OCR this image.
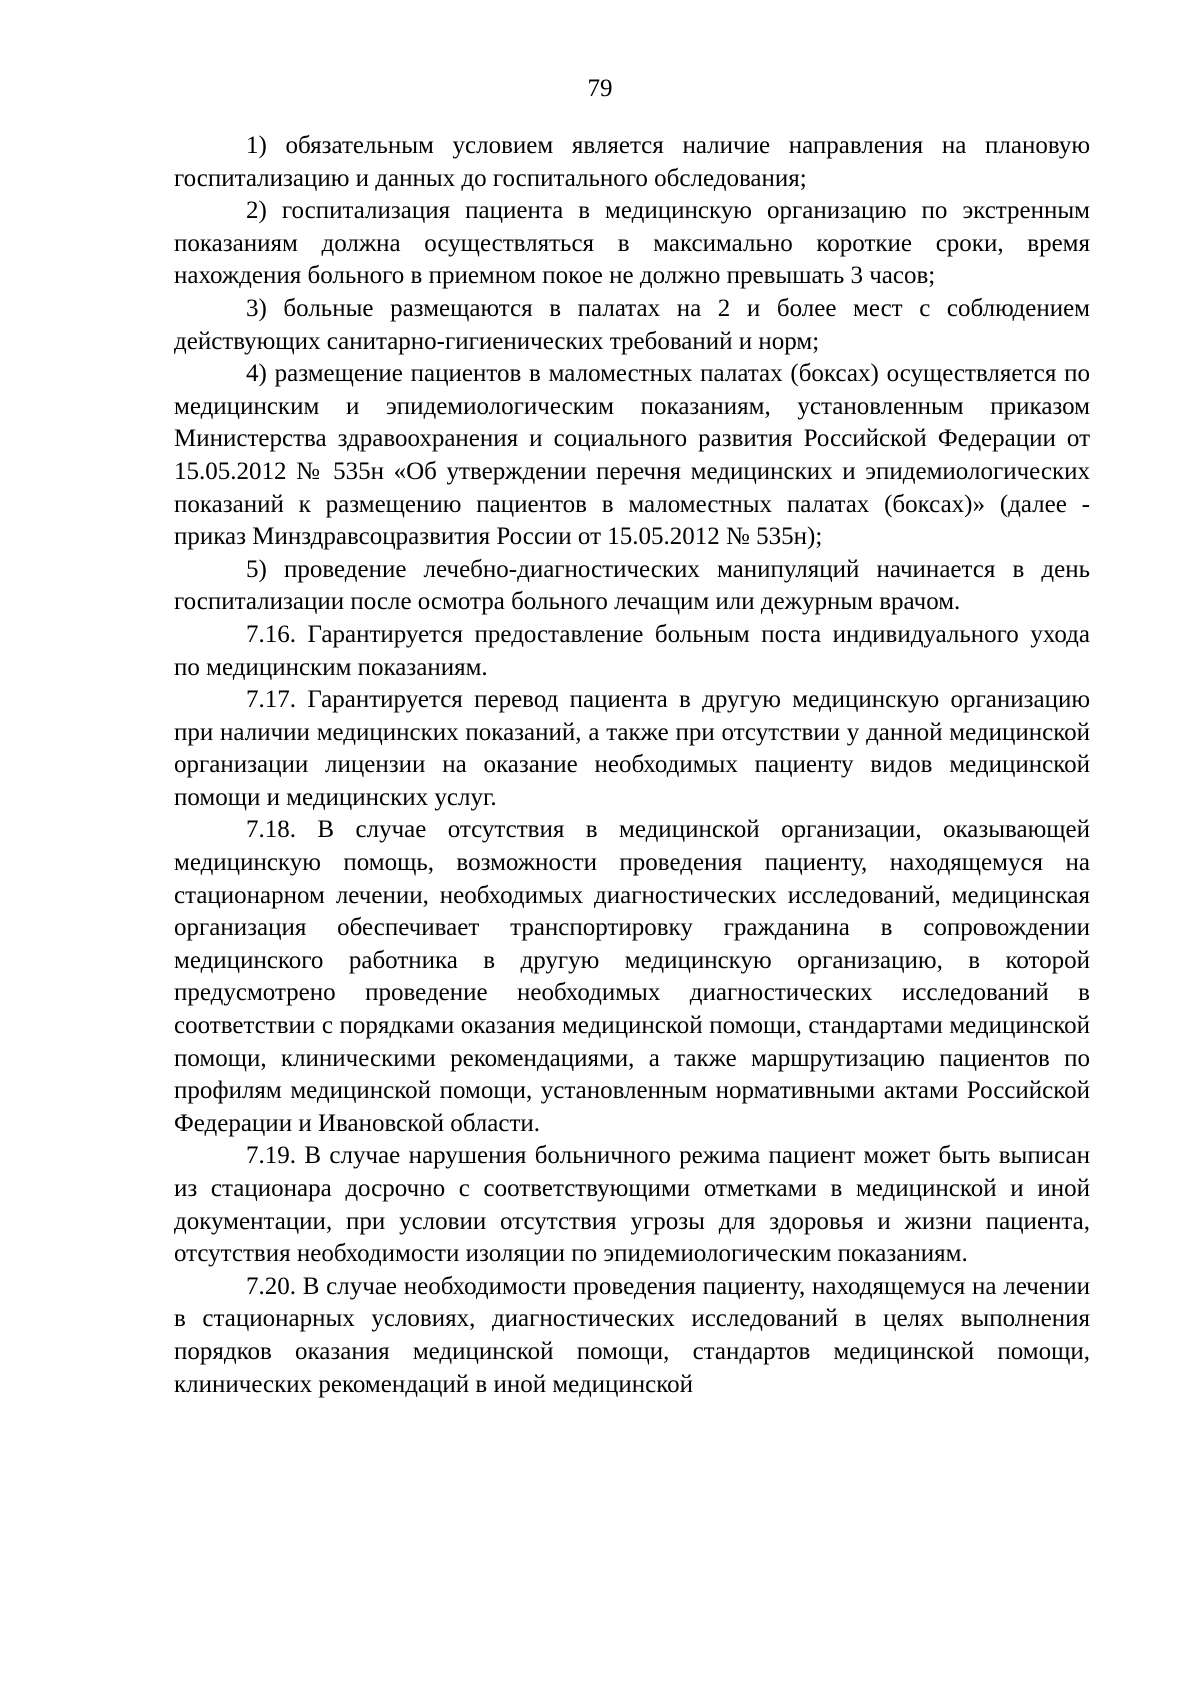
79

1) обязательным условием является наличие направления на плановую госпитализацию и данных до госпитального обследования;

2) госпитализация пациента в медицинскую организацию по экстренным показаниям должна осуществляться в максимально короткие сроки, время нахождения больного в приемном покое не должно превышать 3 часов;

3) больные размещаются в палатах на 2 и более мест с соблюдением действующих санитарно-гигиенических требований и норм;

4) размещение пациентов в маломестных палатах (боксах) осуществляется по медицинским и эпидемиологическим показаниям, установленным приказом Министерства здравоохранения и социального развития Российской Федерации от 15.05.2012 № 535н «Об утверждении перечня медицинских и эпидемиологических показаний к размещению пациентов в маломестных палатах (боксах)» (далее - приказ Минздравсоцразвития России от 15.05.2012 № 535н);

5) проведение лечебно-диагностических манипуляций начинается в день госпитализации после осмотра больного лечащим или дежурным врачом.

7.16. Гарантируется предоставление больным поста индивидуального ухода по медицинским показаниям.

7.17. Гарантируется перевод пациента в другую медицинскую организацию при наличии медицинских показаний, а также при отсутствии у данной медицинской организации лицензии на оказание необходимых пациенту видов медицинской помощи и медицинских услуг.

7.18. В случае отсутствия в медицинской организации, оказывающей медицинскую помощь, возможности проведения пациенту, находящемуся на стационарном лечении, необходимых диагностических исследований, медицинская организация обеспечивает транспортировку гражданина в сопровождении медицинского работника в другую медицинскую организацию, в которой предусмотрено проведение необходимых диагностических исследований в соответствии с порядками оказания медицинской помощи, стандартами медицинской помощи, клиническими рекомендациями, а также маршрутизацию пациентов по профилям медицинской помощи, установленным нормативными актами Российской Федерации и Ивановской области.

7.19. В случае нарушения больничного режима пациент может быть выписан из стационара досрочно с соответствующими отметками в медицинской и иной документации, при условии отсутствия угрозы для здоровья и жизни пациента, отсутствия необходимости изоляции по эпидемиологическим показаниям.

7.20. В случае необходимости проведения пациенту, находящемуся на лечении в стационарных условиях, диагностических исследований в целях выполнения порядков оказания медицинской помощи, стандартов медицинской помощи, клинических рекомендаций в иной медицинской
